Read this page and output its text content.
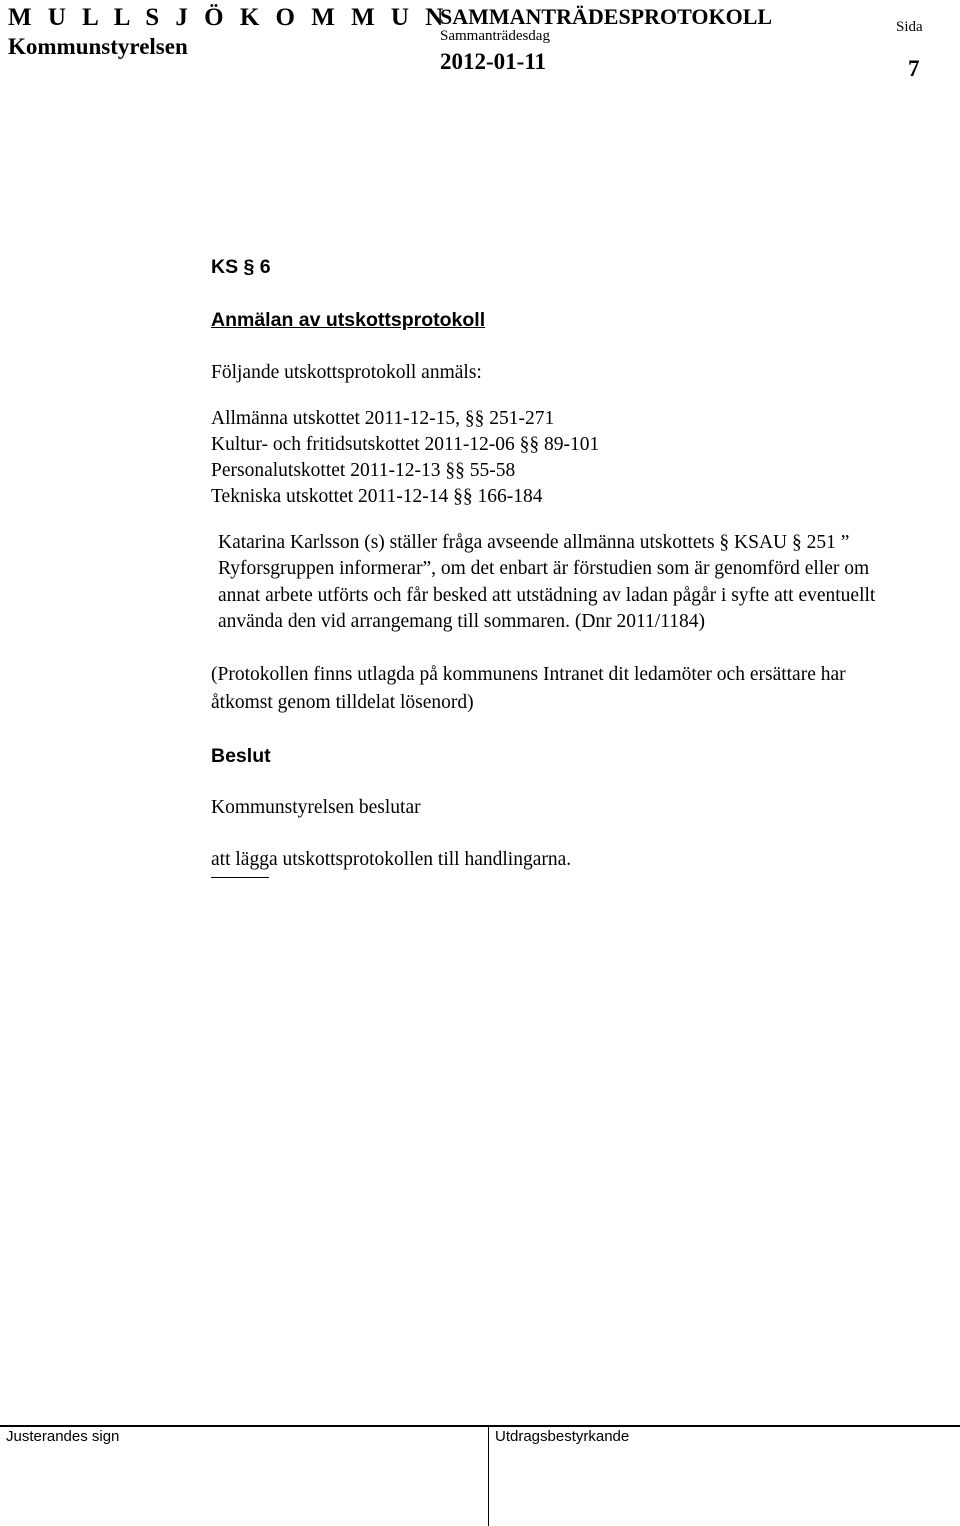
M U L L S J Ö K O M M U N
Kommunstyrelsen
SAMMANTRÄDESPROTOKOLL
Sammanträdesdag
2012-01-11
Sida
7
KS § 6
Anmälan av utskottsprotokoll
Följande utskottsprotokoll anmäls:
Allmänna utskottet 2011-12-15, §§ 251-271
Kultur- och fritidsutskottet 2011-12-06 §§ 89-101
Personalutskottet 2011-12-13 §§ 55-58
Tekniska utskottet 2011-12-14 §§ 166-184
Katarina Karlsson (s) ställer fråga avseende allmänna utskottets § KSAU § 251 ” Ryforsgruppen informerar”, om det enbart är förstudien som är genomförd eller om annat arbete utförts och får besked att utstädning av ladan pågår i syfte att eventuellt använda den vid arrangemang till sommaren. (Dnr 2011/1184)
(Protokollen finns utlagda på kommunens Intranet dit ledamöter och ersättare har åtkomst genom tilldelat lösenord)
Beslut
Kommunstyrelsen beslutar
att lägga utskottsprotokollen till handlingarna.
Justerandes sign	Utdragsbestyrkande
